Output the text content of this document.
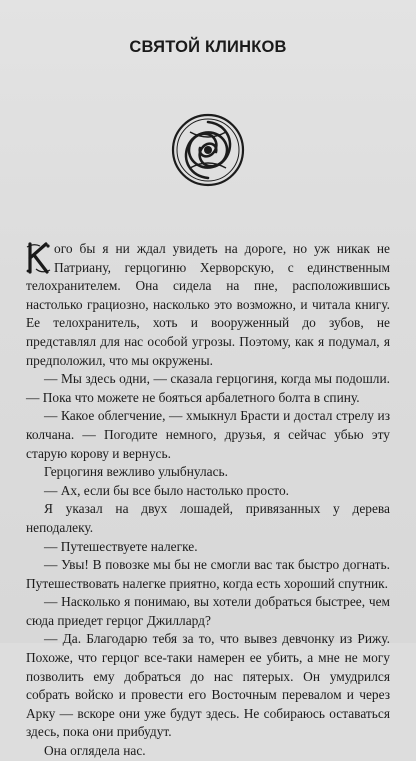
СВЯТОЙ КЛИНКОВ

ого бы я ни ждал увидеть на дороге, но уж никак не Патриану, герцогиню Херворскую, с единственным телохранителем. Она сидела на пне, расположившись настолько грациозно, насколько это возможно, и читала книгу. Ее телохранитель, хоть и вооруженный до зубов, не представлял для нас особой угрозы. Поэтому, как я подумал, я предположил, что мы окружены.

— Мы здесь одни, — сказала герцогиня, когда мы подошли. — Пока что можете не бояться арбалетного болта в спину.

— Какое облегчение, — хмыкнул Брасти и достал стрелу из колчана. — Погодите немного, друзья, я сейчас убью эту старую корову и вернусь.

Герцогиня вежливо улыбнулась.

— Ах, если бы все было настолько просто.

Я указал на двух лошадей, привязанных у дерева неподалеку.

— Путешествуете налегке.

— Увы! В повозке мы бы не смогли вас так быстро догнать. Путешествовать налегке приятно, когда есть хороший спутник.

— Насколько я понимаю, вы хотели добраться быстрее, чем сюда приедет герцог Джиллард?

— Да. Благодарю тебя за то, что вывез девчонку из Рижу. Похоже, что герцог все-таки намерен ее убить, а мне не могу позволить ему добраться до нас пятерых. Он умудрился собрать войско и провести его Восточным перевалом и через Арку — вскоре они уже будут здесь. Не собираюсь оставаться здесь, пока они прибудут.

Она оглядела нас.
